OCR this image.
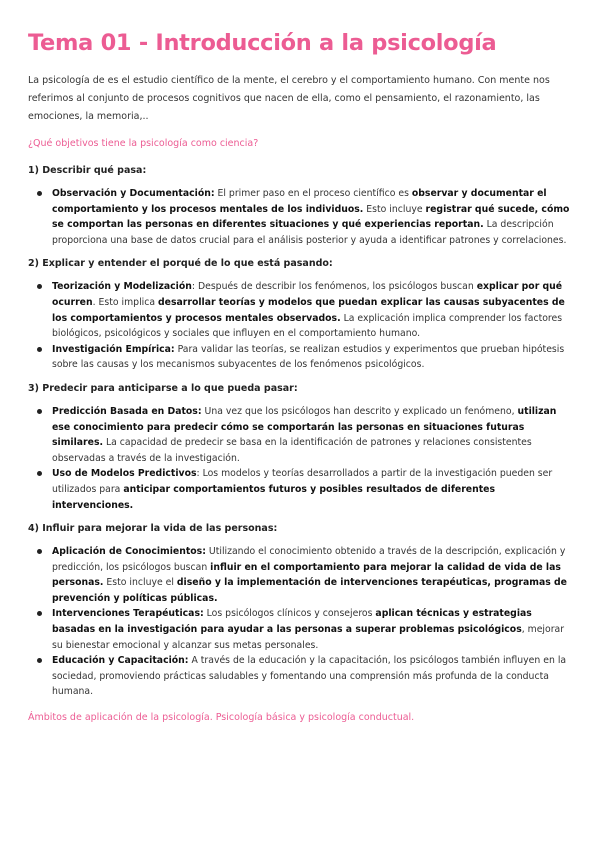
Tema 01 - Introducción a la psicología

La psicología de es el estudio científico de la mente, el cerebro y el comportamiento humano. Con mente nos referimos al conjunto de procesos cognitivos que nacen de ella, como el pensamiento, el razonamiento, las emociones, la memoria,..

¿Qué objetivos tiene la psicología como ciencia?
1) Describir qué pasa:
Observación y Documentación: El primer paso en el proceso científico es observar y documentar el comportamiento y los procesos mentales de los individuos. Esto incluye registrar qué sucede, cómo se comportan las personas en diferentes situaciones y qué experiencias reportan. La descripción proporciona una base de datos crucial para el análisis posterior y ayuda a identificar patrones y correlaciones.
2) Explicar y entender el porqué de lo que está pasando:
Teorización y Modelización: Después de describir los fenómenos, los psicólogos buscan explicar por qué ocurren. Esto implica desarrollar teorías y modelos que puedan explicar las causas subyacentes de los comportamientos y procesos mentales observados. La explicación implica comprender los factores biológicos, psicológicos y sociales que influyen en el comportamiento humano.
Investigación Empírica: Para validar las teorías, se realizan estudios y experimentos que prueban hipótesis sobre las causas y los mecanismos subyacentes de los fenómenos psicológicos.
3) Predecir para anticiparse a lo que pueda pasar:
Predicción Basada en Datos: Una vez que los psicólogos han descrito y explicado un fenómeno, utilizan ese conocimiento para predecir cómo se comportarán las personas en situaciones futuras similares. La capacidad de predecir se basa en la identificación de patrones y relaciones consistentes observadas a través de la investigación.
Uso de Modelos Predictivos: Los modelos y teorías desarrollados a partir de la investigación pueden ser utilizados para anticipar comportamientos futuros y posibles resultados de diferentes intervenciones.
4) Influir para mejorar la vida de las personas:
Aplicación de Conocimientos: Utilizando el conocimiento obtenido a través de la descripción, explicación y predicción, los psicólogos buscan influir en el comportamiento para mejorar la calidad de vida de las personas. Esto incluye el diseño y la implementación de intervenciones terapéuticas, programas de prevención y políticas públicas.
Intervenciones Terapéuticas: Los psicólogos clínicos y consejeros aplican técnicas y estrategias basadas en la investigación para ayudar a las personas a superar problemas psicológicos, mejorar su bienestar emocional y alcanzar sus metas personales.
Educación y Capacitación: A través de la educación y la capacitación, los psicólogos también influyen en la sociedad, promoviendo prácticas saludables y fomentando una comprensión más profunda de la conducta humana.
Ámbitos de aplicación de la psicología. Psicología básica y psicología conductual.
